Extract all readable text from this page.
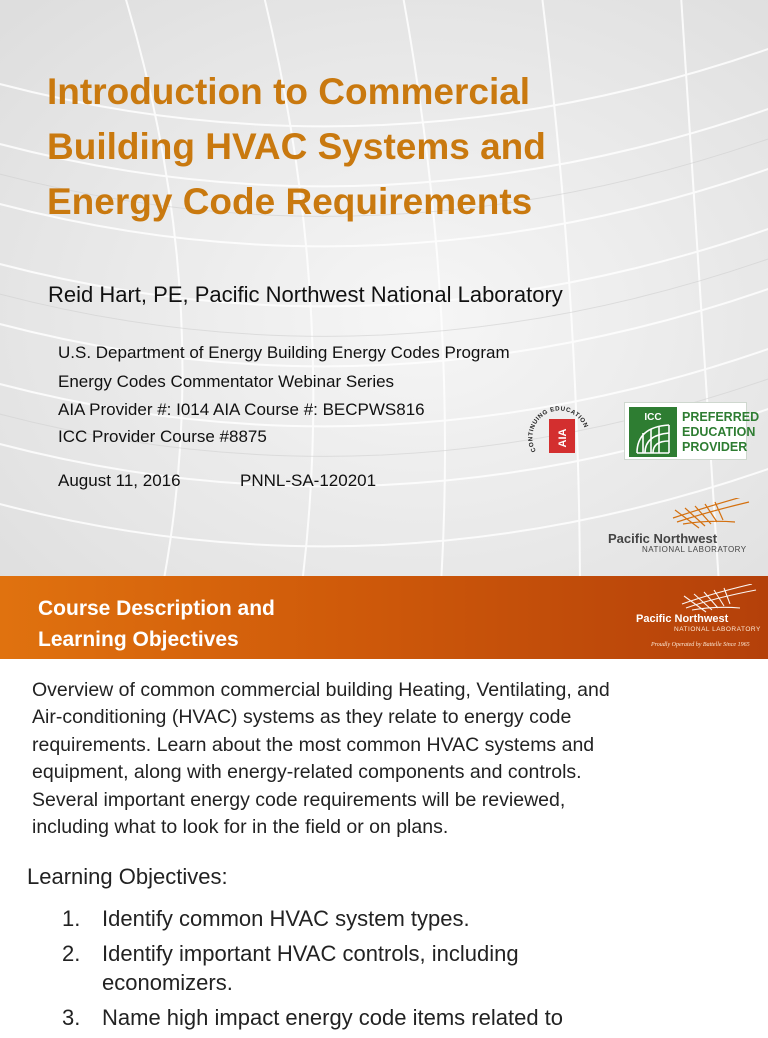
Introduction to Commercial
Building HVAC Systems and
Energy Code Requirements
Reid Hart, PE, Pacific Northwest National Laboratory
U.S. Department of Energy Building Energy Codes Program
Energy Codes Commentator Webinar Series
AIA Provider #: I014 AIA Course #: BECPWS816
ICC Provider Course #8875
August 11, 2016	PNNL-SA-120201
CONTINUING EDUCATION
AIA
ICC PREFERRED
EDUCATION
PROVIDER
Pacific Northwest
NATIONAL LABORATORY
Course Description and
Learning Objectives
Pacific Northwest
NATIONAL LABORATORY
Proudly Operated by Battelle Since 1965

Overview of common commercial building Heating, Ventilating, and
Air-conditioning (HVAC) systems as they relate to energy code
requirements. Learn about the most common HVAC systems and
equipment, along with energy-related components and controls.
Several important energy code requirements will be reviewed,
including what to look for in the field or on plans.

Learning Objectives:
1. Identify common HVAC system types.
2. Identify important HVAC controls, including
economizers.
3. Name high impact energy code items related to
